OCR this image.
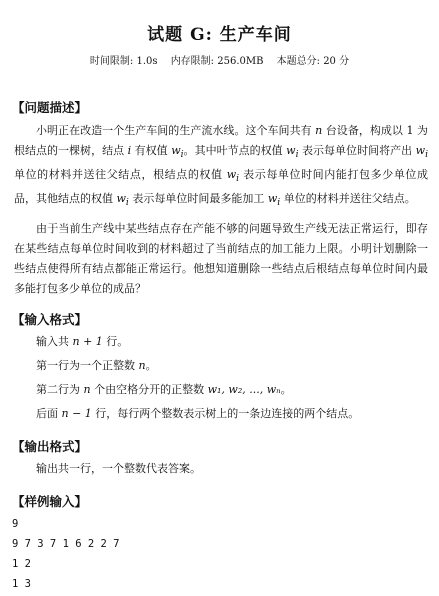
试题 G: 生产车间
时间限制: 1.0s 内存限制: 256.0MB 本题总分: 20 分
【问题描述】
小明正在改造一个生产车间的生产流水线。这个车间共有 n 台设备，构成以 1 为根结点的一棵树，结点 i 有权值 $w_i$。其中叶节点的权值 $w_i$ 表示每单位时间将产出 $w_i$ 单位的材料并送往父结点，根结点的权值 $w_i$ 表示每单位时间内能打包多少单位成品，其他结点的权值 $w_i$ 表示每单位时间最多能加工 $w_i$ 单位的材料并送往父结点。
由于当前生产线中某些结点存在产能不够的问题导致生产线无法正常运行，即存在某些结点每单位时间收到的材料超过了当前结点的加工能力上限。小明计划删除一些结点使得所有结点都能正常运行。他想知道删除一些结点后根结点每单位时间内最多能打包多少单位的成品？
【输入格式】
输入共 n + 1 行。
第一行为一个正整数 n。
第二行为 n 个由空格分开的正整数 w₁, w₂, ..., wₙ。
后面 n − 1 行，每行两个整数表示树上的一条边连接的两个结点。
【输出格式】
输出共一行，一个整数代表答案。
【样例输入】
9
9 7 3 7 1 6 2 2 7
1 2
1 3
